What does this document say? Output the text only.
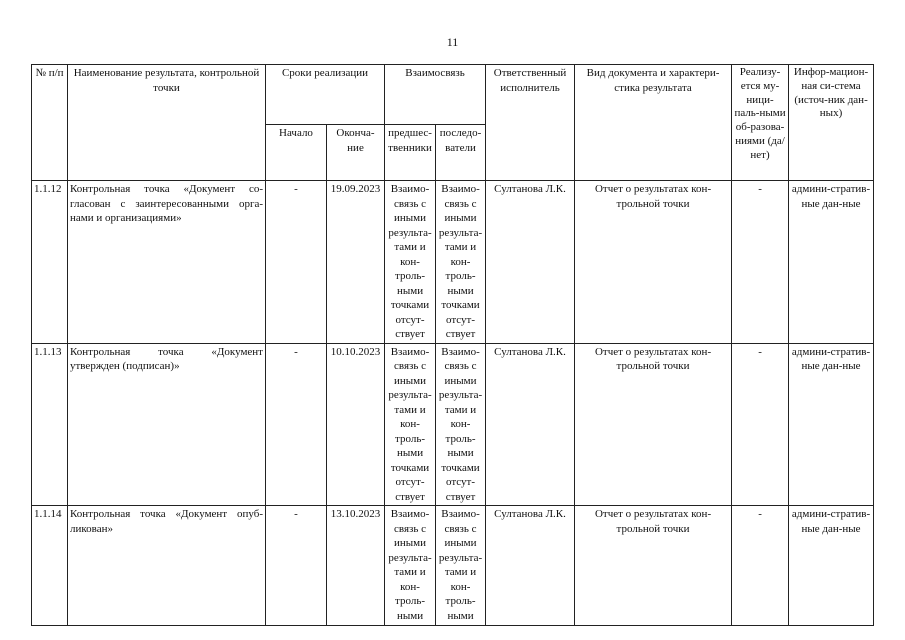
11
№ п/п	Наименование результата, контрольной точки	Сроки реализации		Взаимосвязь		Ответственный исполнитель	Вид документа и характери-стика результата	Реализу-ется му-ници-паль-ными об-разова-ниями (да/нет)	Инфор-мацион-ная си-стема (источ-ник дан-ных)
		Начало	Оконча-ние	предшес-твенники	последо-ватели				
1.1.12	Контрольная точка «Документ со-гласован с заинтересованными орга-нами и организациями»	-	19.09.2023	Взаимо-связь с иными результа-тами и кон-троль-ными точками отсут-ствует	Взаимо-связь с иными результа-тами и кон-троль-ными точками отсут-ствует	Султанова Л.К.	Отчет о результатах кон-трольной точки	-	админи-стратив-ные дан-ные
1.1.13	Контрольная точка «Документ утвержден (подписан)»	-	10.10.2023	Взаимо-связь с иными результа-тами и кон-троль-ными точками отсут-ствует	Взаимо-связь с иными результа-тами и кон-троль-ными точками отсут-ствует	Султанова Л.К.	Отчет о результатах кон-трольной точки	-	админи-стратив-ные дан-ные
1.1.14	Контрольная точка «Документ опуб-ликован»	-	13.10.2023	Взаимо-связь с иными результа-тами и кон-троль-ными	Взаимо-связь с иными результа-тами и кон-троль-ными	Султанова Л.К.	Отчет о результатах кон-трольной точки	-	админи-стратив-ные дан-ные
